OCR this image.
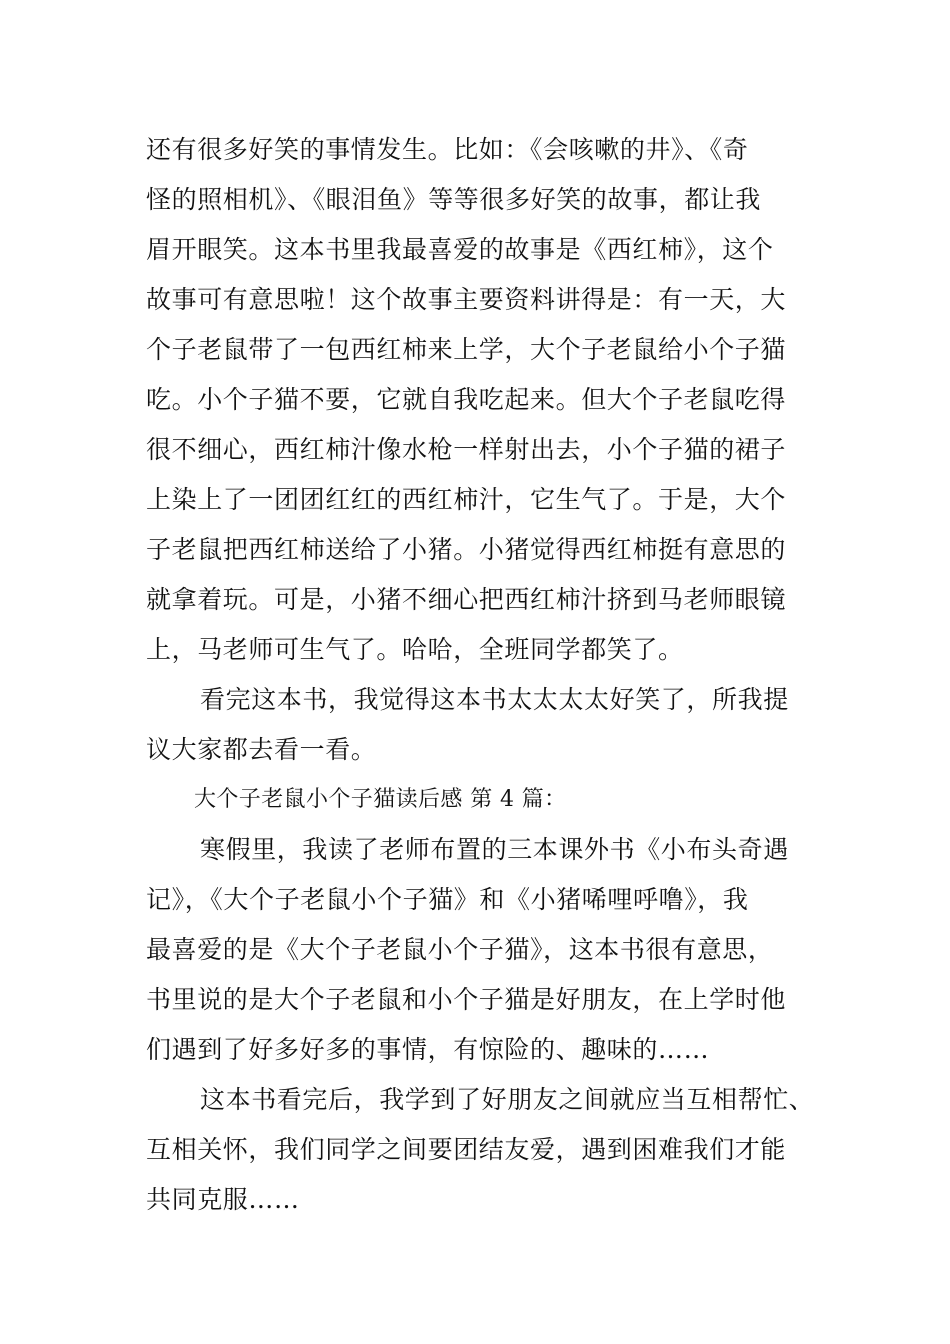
还有很多好笑的事情发生。比如：《会咳嗽的井》、《奇
怪的照相机》、《眼泪鱼》等等很多好笑的故事，都让我
眉开眼笑。这本书里我最喜爱的故事是《西红柿》，这个
故事可有意思啦！这个故事主要资料讲得是：有一天，大
个子老鼠带了一包西红柿来上学，大个子老鼠给小个子猫
吃。小个子猫不要，它就自我吃起来。但大个子老鼠吃得
很不细心，西红柿汁像水枪一样射出去，小个子猫的裙子
上染上了一团团红红的西红柿汁，它生气了。于是，大个
子老鼠把西红柿送给了小猪。小猪觉得西红柿挺有意思的
就拿着玩。可是，小猪不细心把西红柿汁挤到马老师眼镜
上，马老师可生气了。哈哈，全班同学都笑了。
看完这本书，我觉得这本书太太太太好笑了，所我提
议大家都去看一看。
大个子老鼠小个子猫读后感 第 4 篇：
寒假里，我读了老师布置的三本课外书《小布头奇遇
记》，《大个子老鼠小个子猫》和《小猪唏哩呼噜》，我
最喜爱的是《大个子老鼠小个子猫》，这本书很有意思，
书里说的是大个子老鼠和小个子猫是好朋友，在上学时他
们遇到了好多好多的事情，有惊险的、趣味的……
这本书看完后，我学到了好朋友之间就应当互相帮忙、
互相关怀，我们同学之间要团结友爱，遇到困难我们才能
共同克服……
